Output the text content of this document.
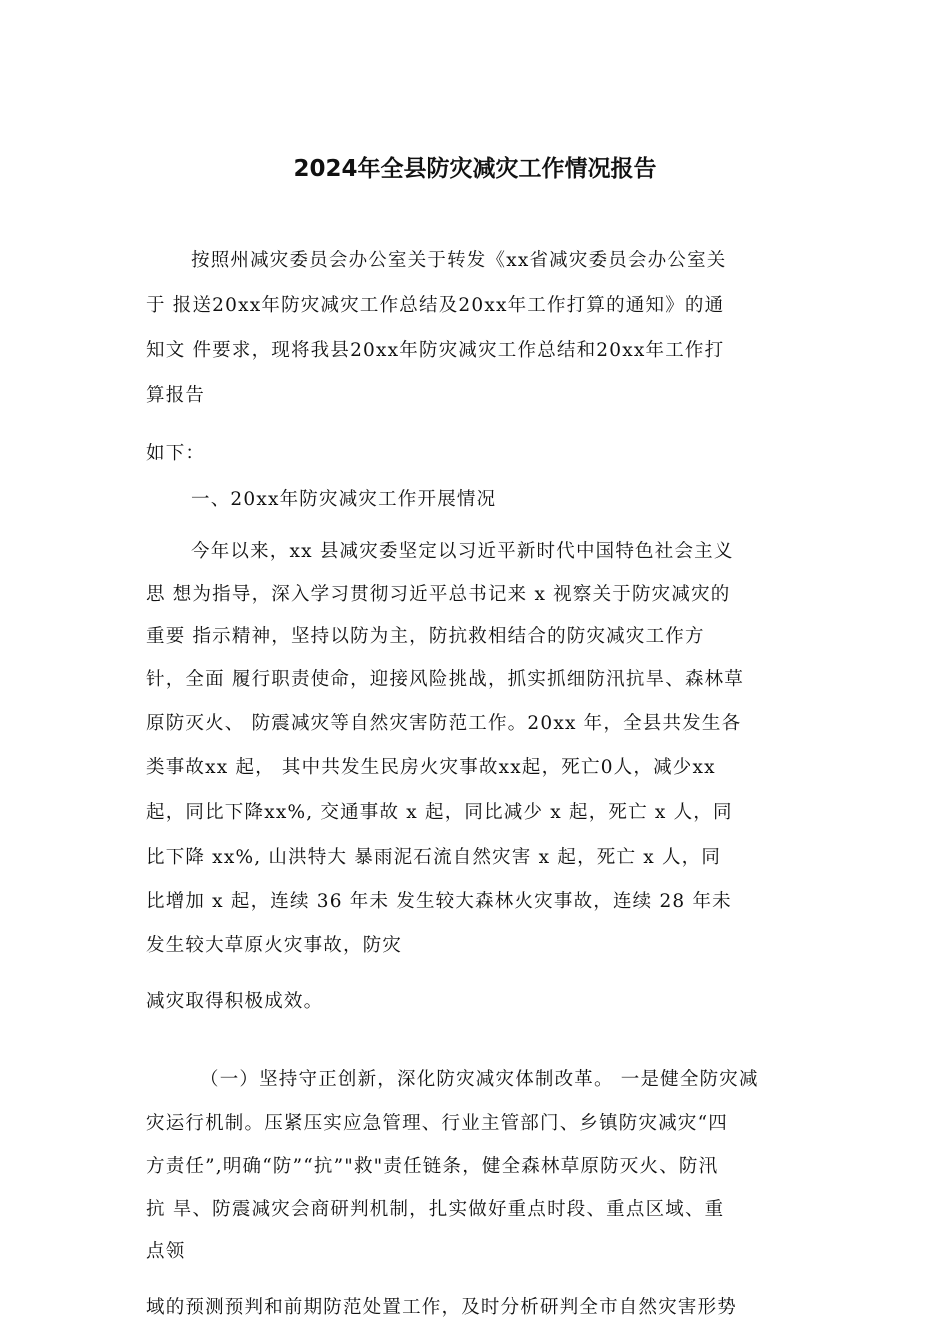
2024年全县防灾减灾工作情况报告
按照州减灾委员会办公室关于转发《xx省减灾委员会办公室关
于 报送20xx年防灾减灾工作总结及20xx年工作打算的通知》的通
知文 件要求，现将我县20xx年防灾减灾工作总结和20xx年工作打
算报告
如下：
一、20xx年防灾减灾工作开展情况
今年以来，xx 县减灾委坚定以习近平新时代中国特色社会主义
思 想为指导，深入学习贯彻习近平总书记来 x 视察关于防灾减灾的
重要 指示精神，坚持以防为主，防抗救相结合的防灾减灾工作方
针，全面 履行职责使命，迎接风险挑战，抓实抓细防汛抗旱、森林草
原防灭火、 防震减灾等自然灾害防范工作。20xx 年，全县共发生各
类事故xx 起， 其中共发生民房火灾事故xx起，死亡0人，减少xx
起，同比下降xx%, 交通事故 x 起，同比减少 x 起，死亡 x 人，同
比下降 xx%, 山洪特大 暴雨泥石流自然灾害 x 起，死亡 x 人，同
比增加 x 起，连续 36 年未 发生较大森林火灾事故，连续 28 年未
发生较大草原火灾事故，防灾
减灾取得积极成效。
（一）坚持守正创新，深化防灾减灾体制改革。 一是健全防灾减
灾运行机制。压紧压实应急管理、行业主管部门、乡镇防灾减灾“四
方责任”,明确“防”“抗”"救"责任链条，健全森林草原防灭火、防汛
抗 旱、防震减灾会商研判机制，扎实做好重点时段、重点区域、重
点领
域的预测预判和前期防范处置工作，及时分析研判全市自然灾害形势
